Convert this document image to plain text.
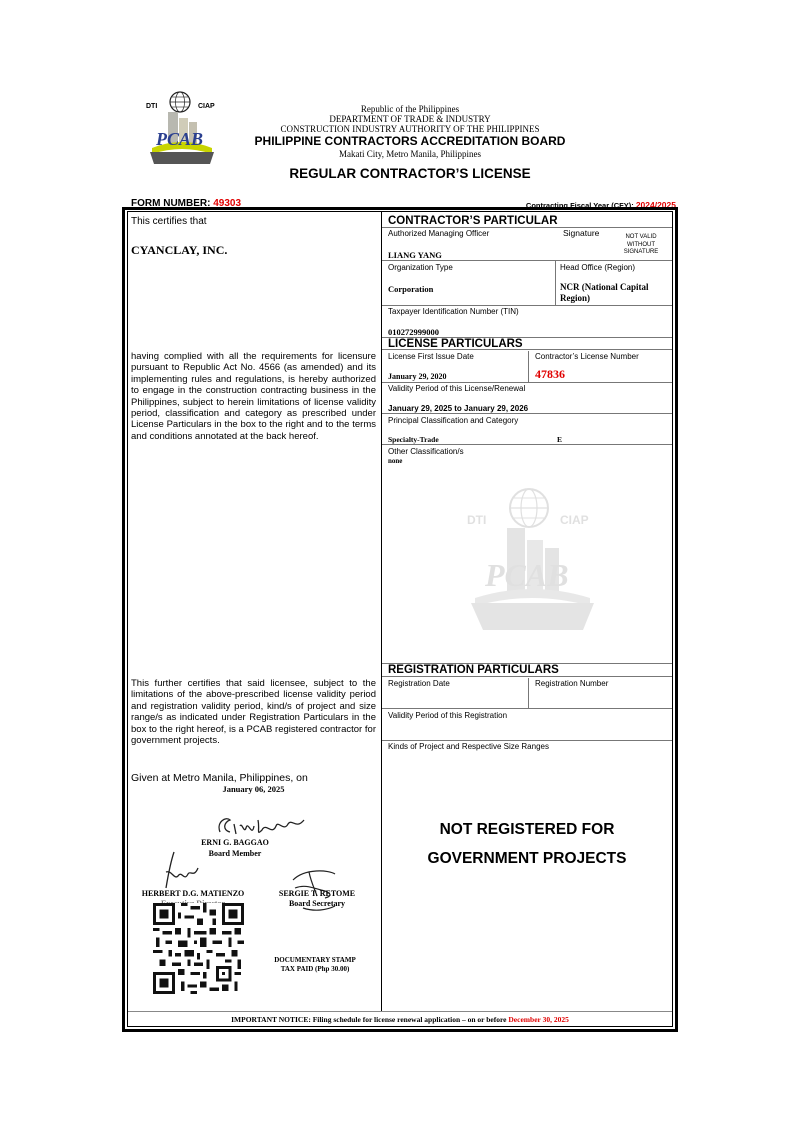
DTI	CIAP
PCAB
Republic of the Philippines
DEPARTMENT OF TRADE & INDUSTRY
CONSTRUCTION INDUSTRY AUTHORITY OF THE PHILIPPINES
PHILIPPINE CONTRACTORS ACCREDITATION BOARD
Makati City, Metro Manila, Philippines
REGULAR CONTRACTOR’S LICENSE
FORM NUMBER: 49303	Contracting Fiscal Year (CFY): 2024/2025
This certifies that
CYANCLAY, INC.
having complied with all the requirements for licensure pursuant to Republic Act No. 4566 (as amended) and its implementing rules and regulations, is hereby authorized to engage in the construction contracting business in the Philippines, subject to herein limitations of license validity period, classification and category as prescribed under License Particulars in the box to the right and to the terms and conditions annotated at the back hereof.
This further certifies that said licensee, subject to the limitations of the above-prescribed license validity period and registration validity period, kind/s of project and size range/s as indicated under Registration Particulars in the box to the right hereof, is a PCAB registered contractor for government projects.
Given at Metro Manila, Philippines, on
January 06, 2025
ERNI G. BAGGAO
Board Member
HERBERT D.G. MATIENZO	SERGIE T. RETOME
Board Secretary
DOCUMENTARY STAMP
TAX PAID (Php 30.00)
CONTRACTOR’S PARTICULAR
Authorized Managing Officer	Signature	NOT VALID
WITHOUT
SIGNATURE
LIANG YANG
Organization Type
Corporation
Head Office (Region)
NCR (National Capital
Region)
Taxpayer Identification Number (TIN)
010272999000
LICENSE PARTICULARS
License First Issue Date
January 29, 2020
Contractor’s License Number
47836
Validity Period of this License/Renewal
January 29, 2025 to January 29, 2026
Principal Classification and Category
Specialty-Trade	E
Other Classification/s
none
DTI	CIAP
PCAB
REGISTRATION PARTICULARS
Registration Date	Registration Number
Validity Period of this Registration
Kinds of Project and Respective Size Ranges
NOT REGISTERED FOR
GOVERNMENT PROJECTS
IMPORTANT NOTICE: Filing schedule for license renewal application – on or before December 30, 2025
